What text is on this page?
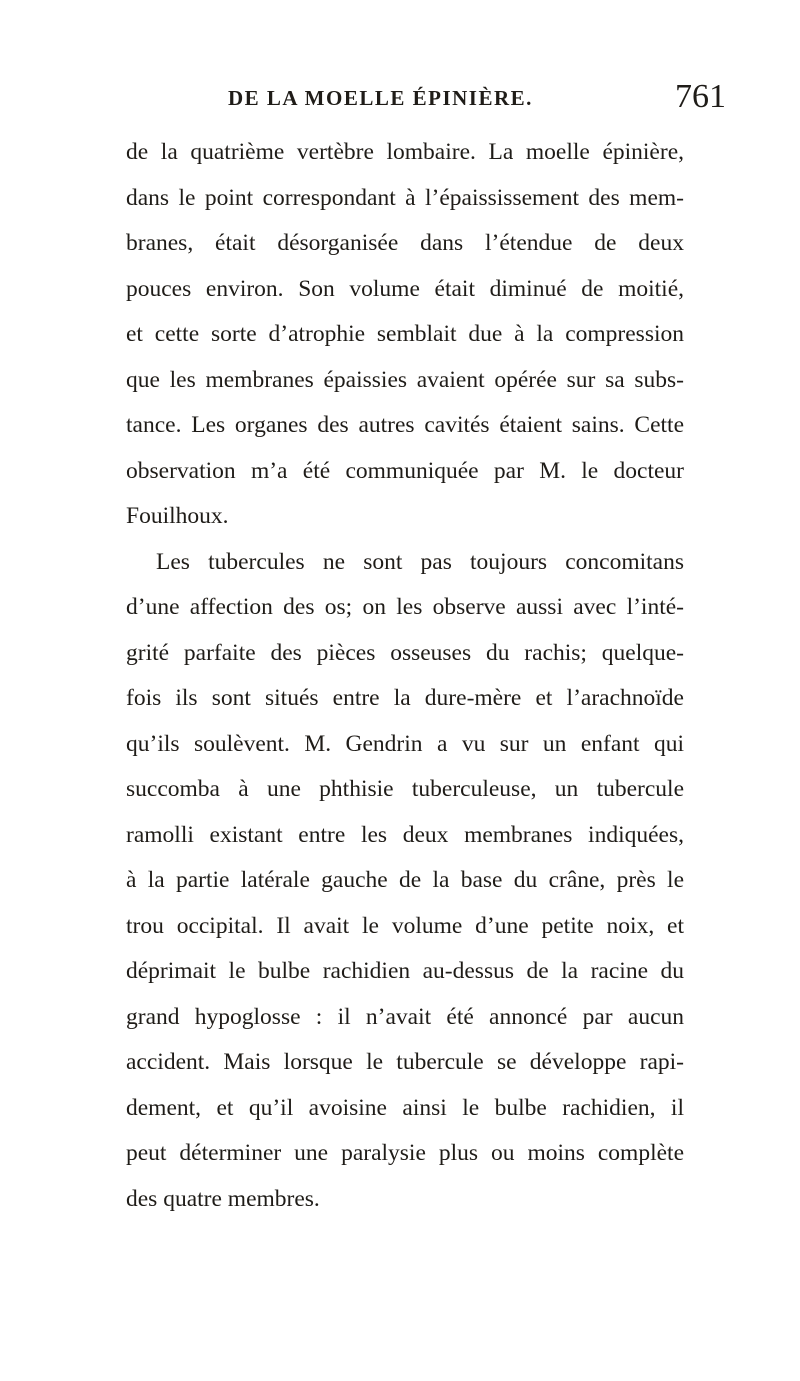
DE LA MOELLE ÉPINIÈRE.	761
de la quatrième vertèbre lombaire. La moelle épinière,
dans le point correspondant à l’épaississement des mem-
branes, était désorganisée dans l’étendue de deux
pouces environ. Son volume était diminué de moitié,
et cette sorte d’atrophie semblait due à la compression
que les membranes épaissies avaient opérée sur sa subs-
tance. Les organes des autres cavités étaient sains. Cette
observation m’a été communiquée par M. le docteur
Fouilhoux.
Les tubercules ne sont pas toujours concomitans
d’une affection des os; on les observe aussi avec l’inté-
grité parfaite des pièces osseuses du rachis; quelque-
fois ils sont situés entre la dure-mère et l’arachnoïde
qu’ils soulèvent. M. Gendrin a vu sur un enfant qui
succomba à une phthisie tuberculeuse, un tubercule
ramolli existant entre les deux membranes indiquées,
à la partie latérale gauche de la base du crâne, près le
trou occipital. Il avait le volume d’une petite noix, et
déprimait le bulbe rachidien au-dessus de la racine du
grand hypoglosse : il n’avait été annoncé par aucun
accident. Mais lorsque le tubercule se développe rapi-
dement, et qu’il avoisine ainsi le bulbe rachidien, il
peut déterminer une paralysie plus ou moins complète
des quatre membres.
